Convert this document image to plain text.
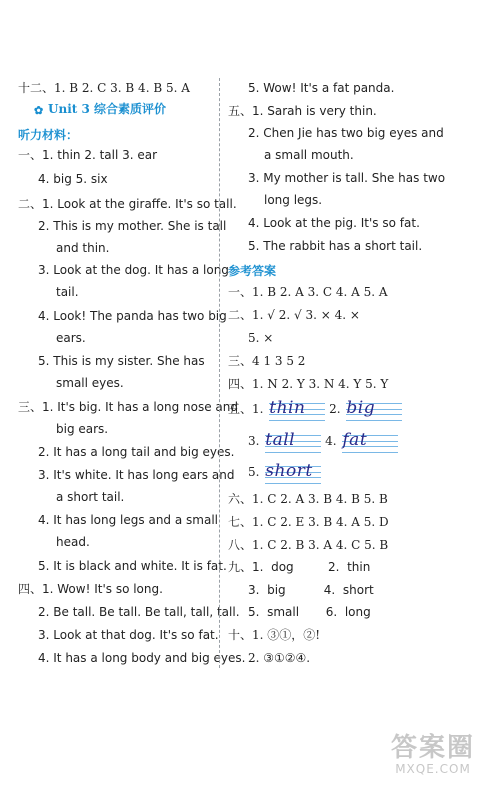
十二、1. B 2. C 3. B 4. B 5. A
✿ Unit 3 综合素质评价
听力材料：
一、1. thin 2. tall 3. ear
4. big 5. six
二、1. Look at the giraffe. It's so tall.
2. This is my mother. She is tall
and thin.
3. Look at the dog. It has a long
tail.
4. Look! The panda has two big
ears.
5. This is my sister. She has
small eyes.
三、1. It's big. It has a long nose and
big ears.
2. It has a long tail and big eyes.
3. It's white. It has long ears and
a short tail.
4. It has long legs and a small
head.
5. It is black and white. It is fat.
四、1. Wow! It's so long.
2. Be tall. Be tall. Be tall, tall, tall.
3. Look at that dog. It's so fat.
4. It has a long body and big eyes.
5. Wow! It's a fat panda.
五、1. Sarah is very thin.
2. Chen Jie has two big eyes and
a small mouth.
3. My mother is tall. She has two
long legs.
4. Look at the pig. It's so fat.
5. The rabbit has a short tail.
参考答案
一、1. B 2. A 3. C 4. A 5. A
二、1. √ 2. √ 3. × 4. ×
5. ×
三、4 1 3 5 2
四、1. N 2. Y 3. N 4. Y 5. Y
五、1. thin	2. big
3. tall	4. fat
5. short
六、1. C 2. A 3. B 4. B 5. B
七、1. C 2. E 3. B 4. A 5. D
八、1. C 2. B 3. A 4. C 5. B
九、1.  dog         2.  thin
3.  big          4.  short
5.  small       6.  long
十、1. ③①，②!
2. ③①②④.
答案圈
MXQE.COM
